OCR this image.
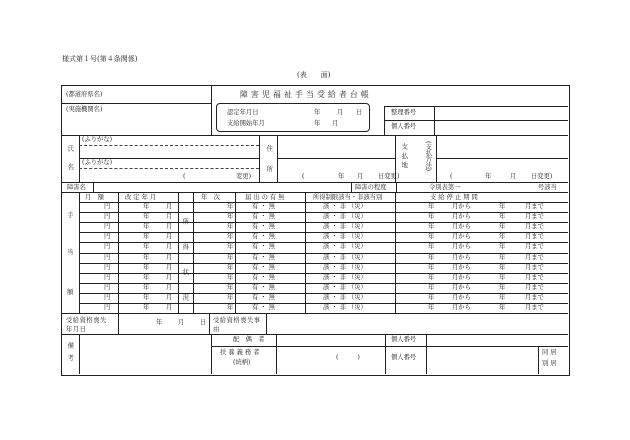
様式第１号(第４条関係)
(表　　面)
(都道府県名)
(実施機関名)
障害児福祉手当受給者台帳
認定年月日	年	月 日
支給開始年月	年 月
整理番号
個人番号
氏名
(ふりがな)
(ふりがな)
(	変更) 住所	(	年 月 日変更)
支払地	(支払方法)
(	年	月 日変更)
障害名	障害の程度	令別表第一	号該当
手
当
額
月　額	改 定 年 月
所得状況
年　次	届 出 の 有 無	所得制限該当・非該当別	支 給 停 止 期 間
円	年	月	年	有 ・ 無	該 ・ 非 （災）	年	月から	年	月まで
円	年	月	年	有 ・ 無	該 ・ 非 （災）	年	月から	年	月まで
円	年	月	年	有 ・ 無	該 ・ 非 （災）	年	月から	年	月まで
円	年	月	年	有 ・ 無	該 ・ 非 （災）	年	月から	年	月まで
円	年	月	年	有 ・ 無	該 ・ 非 （災）	年	月から	年	月まで
円	年	月	年	有 ・ 無	該 ・ 非 （災）	年	月から	年	月まで
円	年	月	年	有 ・ 無	該 ・ 非 （災）	年	月から	年	月まで
円	年	月	年	有 ・ 無	該 ・ 非 （災）	年	月から	年	月まで
円	年	月	年	有 ・ 無	該 ・ 非 （災）	年	月から	年	月まで
円	年	月	年	有 ・ 無	該 ・ 非 （災）	年	月から	年	月まで
円	年	月	年	有 ・ 無	該 ・ 非 （災）	年	月から	年	月まで
受給資格喪失年月日
年 月 日 受給資格喪失事由
備考
配　偶　者
扶 養 義 務 者
(続柄)
(　　　)
個人番号
個人番号
同 居
別 居
